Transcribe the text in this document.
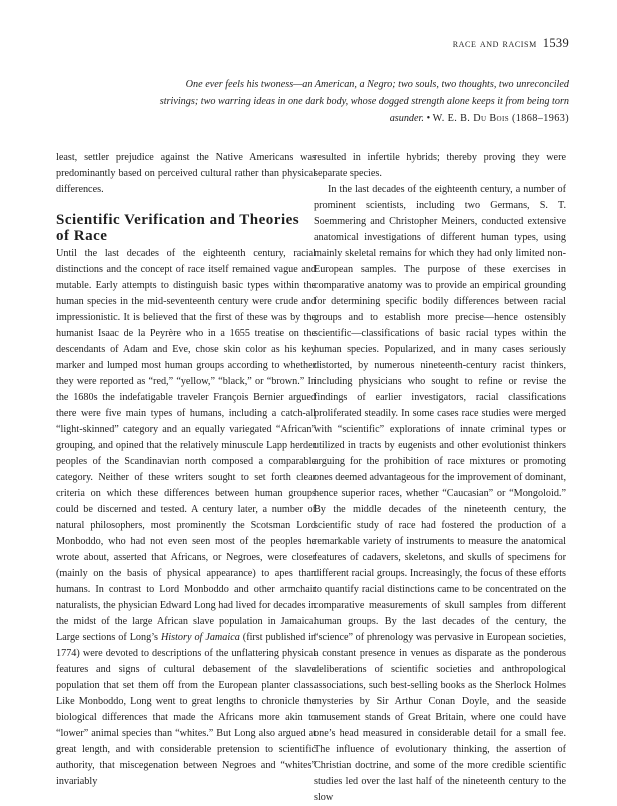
race and racism 1539
One ever feels his twoness—an American, a Negro; two souls, two thoughts, two unreconciled strivings; two warring ideas in one dark body, whose dogged strength alone keeps it from being torn asunder. • W. E. B. Du Bois (1868–1963)

least, settler prejudice against the Native Americans was predominantly based on perceived cultural rather than physical differences.

Scientific Verification and Theories of Race

Until the last decades of the eighteenth century, racial distinctions and the concept of race itself remained vague and mutable. Early attempts to distinguish basic types within the human species in the mid-seventeenth century were crude and impressionistic. It is believed that the first of these was by the humanist Isaac de la Peyrère who in a 1655 treatise on the descendants of Adam and Eve, chose skin color as his key marker and lumped most human groups according to whether they were reported as “red,” “yellow,” “black,” or “brown.” In the 1680s the indefatigable traveler François Bernier argued there were five main types of humans, including a catch-all “light-skinned” category and an equally variegated “African” grouping, and opined that the relatively minuscule Lapp herder peoples of the Scandinavian north composed a comparable category. Neither of these writers sought to set forth clear criteria on which these differences between human groups could be discerned and tested. A century later, a number of natural philosophers, most prominently the Scotsman Lord Monboddo, who had not even seen most of the peoples he wrote about, asserted that Africans, or Negroes, were closer (mainly on the basis of physical appearance) to apes than humans. In contrast to Lord Monboddo and other armchair naturalists, the physician Edward Long had lived for decades in the midst of the large African slave population in Jamaica. Large sections of Long’s History of Jamaica (first published in 1774) were devoted to descriptions of the unflattering physical features and signs of cultural debasement of the slave population that set them off from the European planter class. Like Monboddo, Long went to great lengths to chronicle the biological differences that made the Africans more akin to “lower” animal species than “whites.” But Long also argued at great length, and with considerable pretension to scientific authority, that miscegenation between Negroes and “whites” invariably

resulted in infertile hybrids; thereby proving they were separate species.

In the last decades of the eighteenth century, a number of prominent scientists, including two Germans, S. T. Soemmering and Christopher Meiners, conducted extensive anatomical investigations of different human types, using mainly skeletal remains for which they had only limited non-European samples. The purpose of these exercises in comparative anatomy was to provide an empirical grounding for determining specific bodily differences between racial groups and to establish more precise—hence ostensibly scientific—classifications of basic racial types within the human species. Popularized, and in many cases seriously distorted, by numerous nineteenth-century racist thinkers, including physicians who sought to refine or revise the findings of earlier investigators, racial classifications proliferated steadily. In some cases race studies were merged with “scientific” explorations of innate criminal types or utilized in tracts by eugenists and other evolutionist thinkers arguing for the prohibition of race mixtures or promoting ones deemed advantageous for the improvement of dominant, hence superior races, whether “Caucasian” or “Mongoloid.” By the middle decades of the nineteenth century, the scientific study of race had fostered the production of a remarkable variety of instruments to measure the anatomical features of cadavers, skeletons, and skulls of specimens for different racial groups. Increasingly, the focus of these efforts to quantify racial distinctions came to be concentrated on the comparative measurements of skull samples from different human groups. By the last decades of the century, the “science” of phrenology was pervasive in European societies, a constant presence in venues as disparate as the ponderous deliberations of scientific societies and anthropological associations, such best-selling books as the Sherlock Holmes mysteries by Sir Arthur Conan Doyle, and the seaside amusement stands of Great Britain, where one could have one’s head measured in considerable detail for a small fee. The influence of evolutionary thinking, the assertion of Christian doctrine, and some of the more credible scientific studies led over the last half of the nineteenth century to the slow
